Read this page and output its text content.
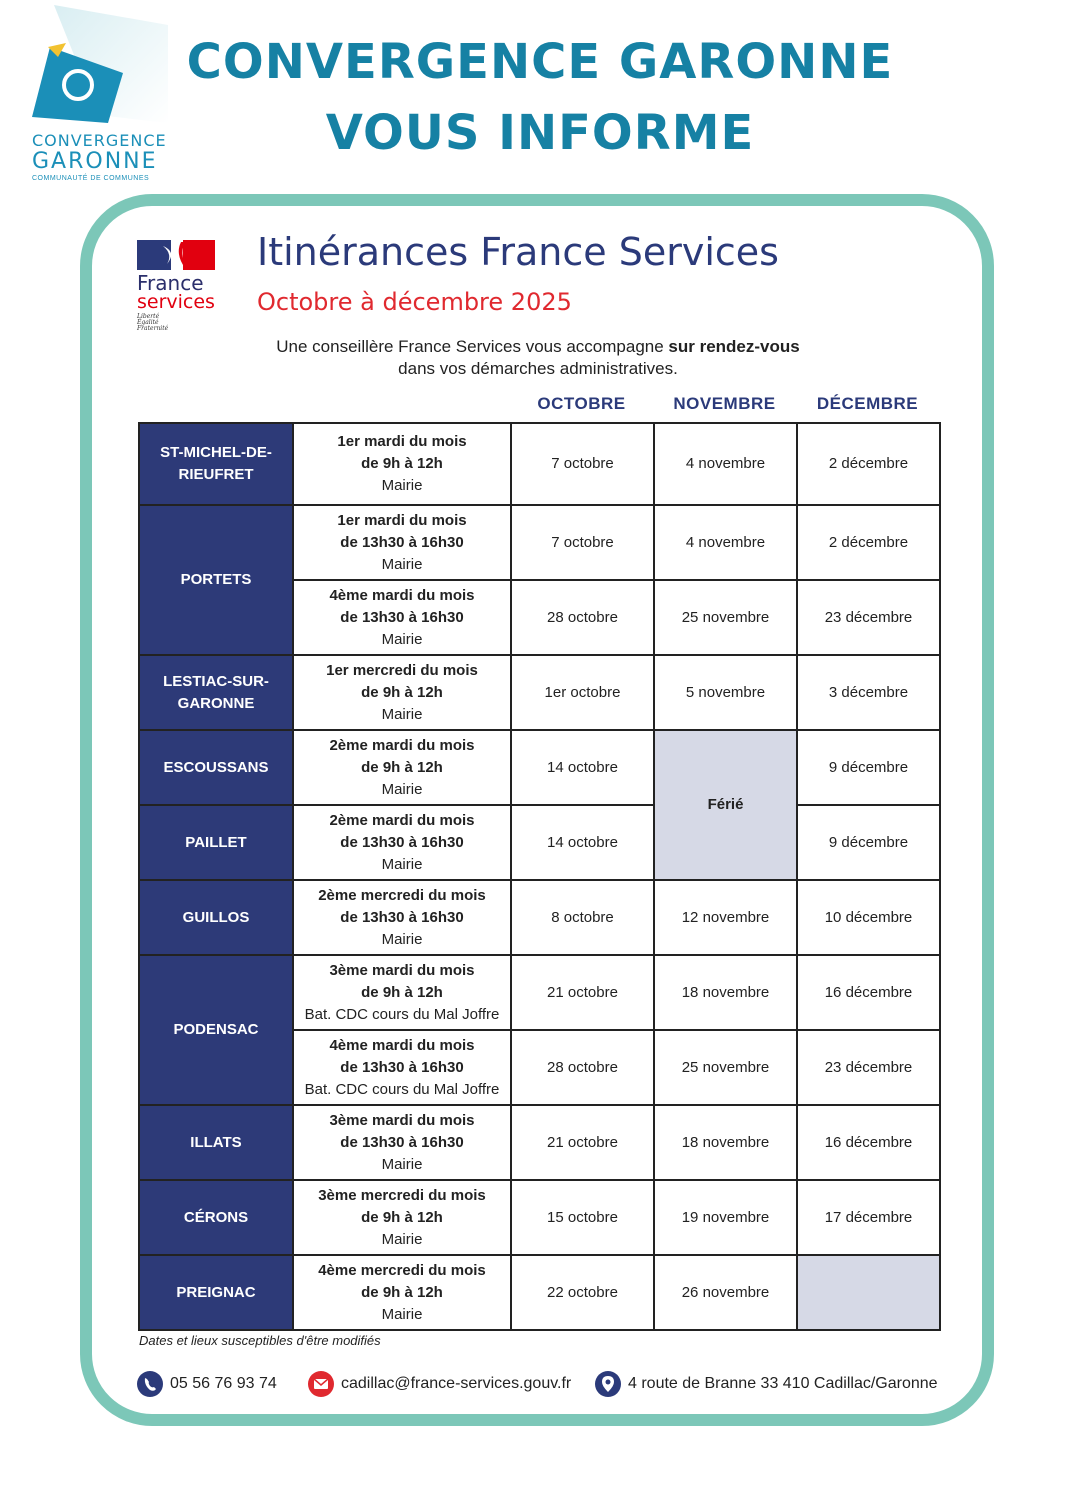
CONVERGENCE
GARONNE
COMMUNAUTÉ DE COMMUNES
CONVERGENCE GARONNE
VOUS INFORME
France
services
Liberté Égalité Fraternité
Itinérances France Services
Octobre à décembre 2025
Une conseillère France Services vous accompagne sur rendez-vous
dans vos démarches administratives.
OCTOBRE	NOVEMBRE	DÉCEMBRE
ST-MICHEL-DE-RIEUFRET	1er mardi du mois
de 9h à 12h
Mairie	7 octobre	4 novembre	2 décembre
PORTETS	1er mardi du mois
de 13h30 à 16h30
Mairie	7 octobre	4 novembre	2 décembre

	4ème mardi du mois
de 13h30 à 16h30
Mairie	28 octobre	25 novembre	23 décembre
LESTIAC-SUR-GARONNE	1er mercredi du mois
de 9h à 12h
Mairie	1er octobre	5 novembre	3 décembre
ESCOUSSANS	2ème mardi du mois
de 9h à 12h
Mairie	14 octobre	Férié	9 décembre
PAILLET	2ème mardi du mois
de 13h30 à 16h30
Mairie	14 octobre		9 décembre
GUILLOS	2ème mercredi du mois
de 13h30 à 16h30
Mairie	8 octobre	12 novembre	10 décembre
PODENSAC	3ème mardi du mois
de 9h à 12h
Bat. CDC cours du Mal Joffre	21 octobre	18 novembre	16 décembre

	4ème mardi du mois
de 13h30 à 16h30
Bat. CDC cours du Mal Joffre	28 octobre	25 novembre	23 décembre
ILLATS	3ème mardi du mois
de 13h30 à 16h30
Mairie	21 octobre	18 novembre	16 décembre
CÉRONS	3ème mercredi du mois
de 9h à 12h
Mairie	15 octobre	19 novembre	17 décembre
PREIGNAC	4ème mercredi du mois
de 9h à 12h
Mairie	22 octobre	26 novembre	
Dates et lieux susceptibles d'être modifiés
05 56 76 93 74	cadillac@france-services.gouv.fr	4 route de Branne 33 410 Cadillac/Garonne
